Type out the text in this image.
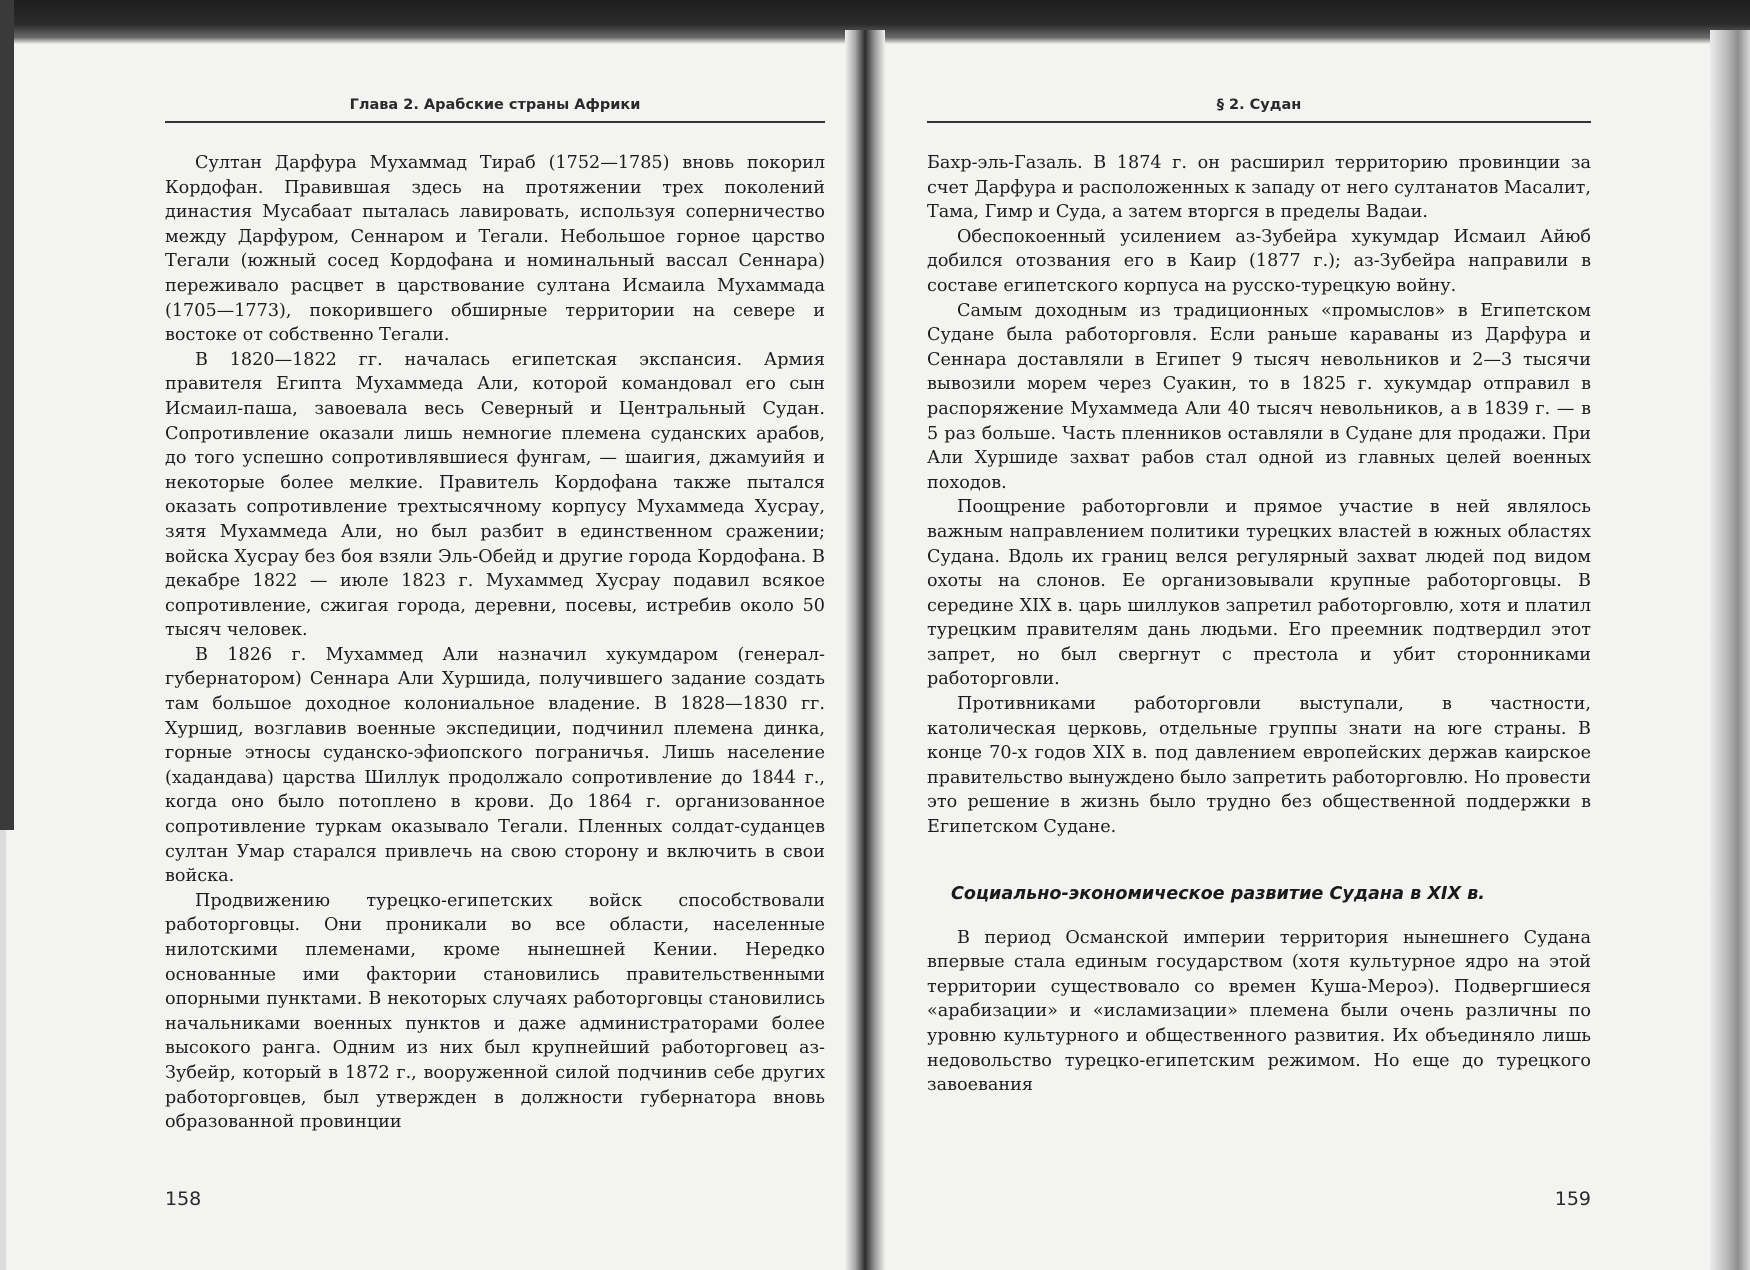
Глава 2. Арабские страны Африки

Султан Дарфура Мухаммад Тираб (1752—1785) вновь покорил Кордофан. Правившая здесь на протяжении трех поколений династия Мусабаат пыталась лавировать, используя соперничество между Дарфуром, Сеннаром и Тегали. Небольшое горное царство Тегали (южный сосед Кордофана и номинальный вассал Сеннара) переживало расцвет в царствование султана Исмаила Мухаммада (1705—1773), покорившего обширные территории на севере и востоке от собственно Тегали.

В 1820—1822 гг. началась египетская экспансия. Армия правителя Египта Мухаммеда Али, которой командовал его сын Исмаил-паша, завоевала весь Северный и Центральный Судан. Сопротивление оказали лишь немногие племена суданских арабов, до того успешно сопротивлявшиеся фунгам, — шаигия, джамуийя и некоторые более мелкие. Правитель Кордофана также пытался оказать сопротивление трехтысячному корпусу Мухаммеда Хусрау, зятя Мухаммеда Али, но был разбит в единственном сражении; войска Хусрау без боя взяли Эль-Обейд и другие города Кордофана. В декабре 1822 — июле 1823 г. Мухаммед Хусрау подавил всякое сопротивление, сжигая города, деревни, посевы, истребив около 50 тысяч человек.

В 1826 г. Мухаммед Али назначил хукумдаром (генерал-губернатором) Сеннара Али Хуршида, получившего задание создать там большое доходное колониальное владение. В 1828—1830 гг. Хуршид, возглавив военные экспедиции, подчинил племена динка, горные этносы суданско-эфиопского пограничья. Лишь население (хадандава) царства Шиллук продолжало сопротивление до 1844 г., когда оно было потоплено в крови. До 1864 г. организованное сопротивление туркам оказывало Тегали. Пленных солдат-суданцев султан Умар старался привлечь на свою сторону и включить в свои войска.

Продвижению турецко-египетских войск способствовали работорговцы. Они проникали во все области, населенные нилотскими племенами, кроме нынешней Кении. Нередко основанные ими фактории становились правительственными опорными пунктами. В некоторых случаях работорговцы становились начальниками военных пунктов и даже администраторами более высокого ранга. Одним из них был крупнейший работорговец аз-Зубейр, который в 1872 г., вооруженной силой подчинив себе других работорговцев, был утвержден в должности губернатора вновь образованной провинции

158
§ 2. Судан

Бахр-эль-Газаль. В 1874 г. он расширил территорию провинции за счет Дарфура и расположенных к западу от него султанатов Масалит, Тама, Гимр и Суда, а затем вторгся в пределы Вадаи.

Обеспокоенный усилением аз-Зубейра хукумдар Исмаил Айюб добился отозвания его в Каир (1877 г.); аз-Зубейра направили в составе египетского корпуса на русско-турецкую войну.

Самым доходным из традиционных «промыслов» в Египетском Судане была работорговля. Если раньше караваны из Дарфура и Сеннара доставляли в Египет 9 тысяч невольников и 2—3 тысячи вывозили морем через Суакин, то в 1825 г. хукумдар отправил в распоряжение Мухаммеда Али 40 тысяч невольников, а в 1839 г. — в 5 раз больше. Часть пленников оставляли в Судане для продажи. При Али Хуршиде захват рабов стал одной из главных целей военных походов.

Поощрение работорговли и прямое участие в ней являлось важным направлением политики турецких властей в южных областях Судана. Вдоль их границ велся регулярный захват людей под видом охоты на слонов. Ее организовывали крупные работорговцы. В середине XIX в. царь шиллуков запретил работорговлю, хотя и платил турецким правителям дань людьми. Его преемник подтвердил этот запрет, но был свергнут с престола и убит сторонниками работорговли.

Противниками работорговли выступали, в частности, католическая церковь, отдельные группы знати на юге страны. В конце 70-х годов XIX в. под давлением европейских держав каирское правительство вынуждено было запретить работорговлю. Но провести это решение в жизнь было трудно без общественной поддержки в Египетском Судане.

Социально-экономическое развитие Судана в XIX в.

В период Османской империи территория нынешнего Судана впервые стала единым государством (хотя культурное ядро на этой территории существовало со времен Куша-Мероэ). Подвергшиеся «арабизации» и «исламизации» племена были очень различны по уровню культурного и общественного развития. Их объединяло лишь недовольство турецко-египетским режимом. Но еще до турецкого завоевания

159
